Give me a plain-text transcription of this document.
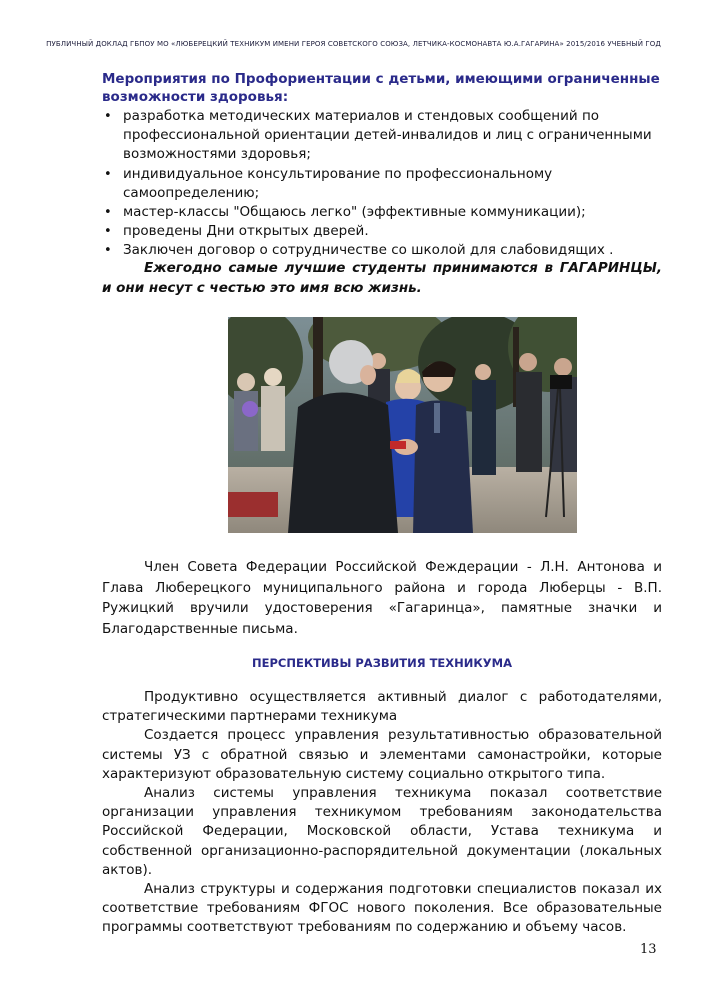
ПУБЛИЧНЫЙ ДОКЛАД ГБПОУ МО «ЛЮБЕРЕЦКИЙ ТЕХНИКУМ ИМЕНИ ГЕРОЯ СОВЕТСКОГО СОЮЗА, ЛЕТЧИКА-КОСМОНАВТА Ю.А.ГАГАРИНА» 2015/2016 УЧЕБНЫЙ ГОД
Мероприятия по Профориентации с детьми, имеющими ограниченные возможности здоровья:
• разработка методических материалов и стендовых сообщений по профессиональной ориентации детей-инвалидов и лиц с ограниченными возможностями здоровья;
• индивидуальное консультирование по профессиональному самоопределению;
• мастер-классы "Общаюсь легко" (эффективные коммуникации);
• проведены Дни открытых дверей.
• Заключен договор о сотрудничестве со школой для слабовидящих .
Ежегодно самые лучшие студенты принимаются в ГАГАРИНЦЫ, и они несут с честью это имя всю жизнь.
Член Совета Федерации Российской Фeждерации - Л.Н. Антонова и Глава Люберецкого муниципального района и города Люберцы - В.П. Ружицкий вручили удостоверения «Гагаринца», памятные значки и Благодарственные письма.
ПЕРСПЕКТИВЫ РАЗВИТИЯ ТЕХНИКУМА

Продуктивно осуществляется активный диалог с работодателями, стратегическими партнерами техникума

Создается процесс управления результативностью образовательной системы УЗ с обратной связью и элементами самонастройки, которые характеризуют образовательную систему социально открытого типа.

Анализ системы управления техникума показал соответствие организации управления техникумом требованиям законодательства Российской Федерации, Московской области, Устава техникума и собственной организационно-распорядительной документации (локальных актов).

Анализ структуры и содержания подготовки специалистов показал их соответствие требованиям ФГОС нового поколения. Все образовательные программы соответствуют требованиям по содержанию и объему часов.

13
